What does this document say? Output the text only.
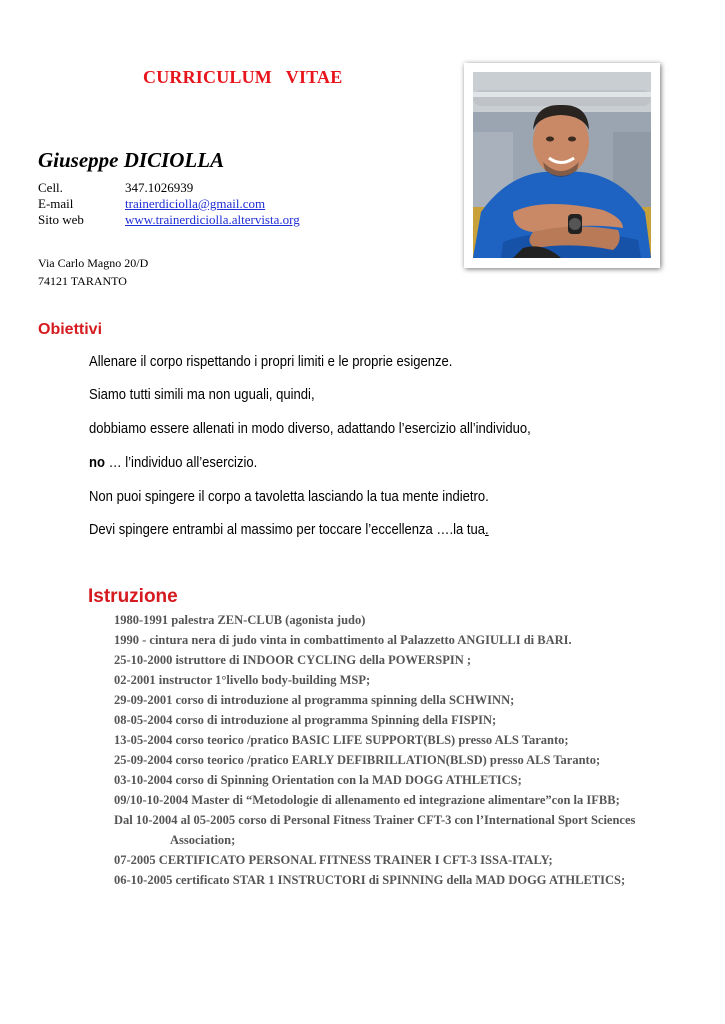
CURRICULUM   VITAE
Giuseppe DICIOLLA
Cell.	347.1026939
E-mail	trainerdiciolla@gmail.com
Sito web	www.trainerdiciolla.altervista.org
Via Carlo Magno 20/D
74121 TARANTO
Obiettivi
Allenare il corpo rispettando i propri limiti e le proprie esigenze.
Siamo tutti simili ma non uguali, quindi,
dobbiamo essere allenati in modo diverso, adattando l’esercizio all’individuo,
no … l’individuo all’esercizio.
Non puoi spingere il corpo a tavoletta lasciando la tua mente indietro.
Devi spingere entrambi al massimo per toccare l’eccellenza ….la tua.
Istruzione
1980-1991 palestra ZEN-CLUB (agonista judo)
1990 - cintura nera di judo vinta in combattimento al Palazzetto ANGIULLI di BARI.
25-10-2000 istruttore di INDOOR CYCLING della POWERSPIN ;
02-2001 instructor 1°livello body-building MSP;
29-09-2001 corso di introduzione al programma spinning della SCHWINN;
08-05-2004 corso di introduzione al programma Spinning della FISPIN;
13-05-2004 corso teorico /pratico BASIC LIFE SUPPORT(BLS) presso ALS Taranto;
25-09-2004 corso teorico /pratico EARLY DEFIBRILLATION(BLSD) presso ALS Taranto;
03-10-2004 corso di Spinning Orientation con la MAD DOGG ATHLETICS;
09/10-10-2004 Master di “Metodologie di allenamento ed integrazione alimentare”con la IFBB;
Dal 10-2004 al 05-2005 corso di Personal Fitness Trainer CFT-3 con l’International Sport Sciences
Association;
07-2005 CERTIFICATO PERSONAL FITNESS TRAINER I CFT-3 ISSA-ITALY;
06-10-2005 certificato STAR 1 INSTRUCTORI di SPINNING della MAD DOGG ATHLETICS;
